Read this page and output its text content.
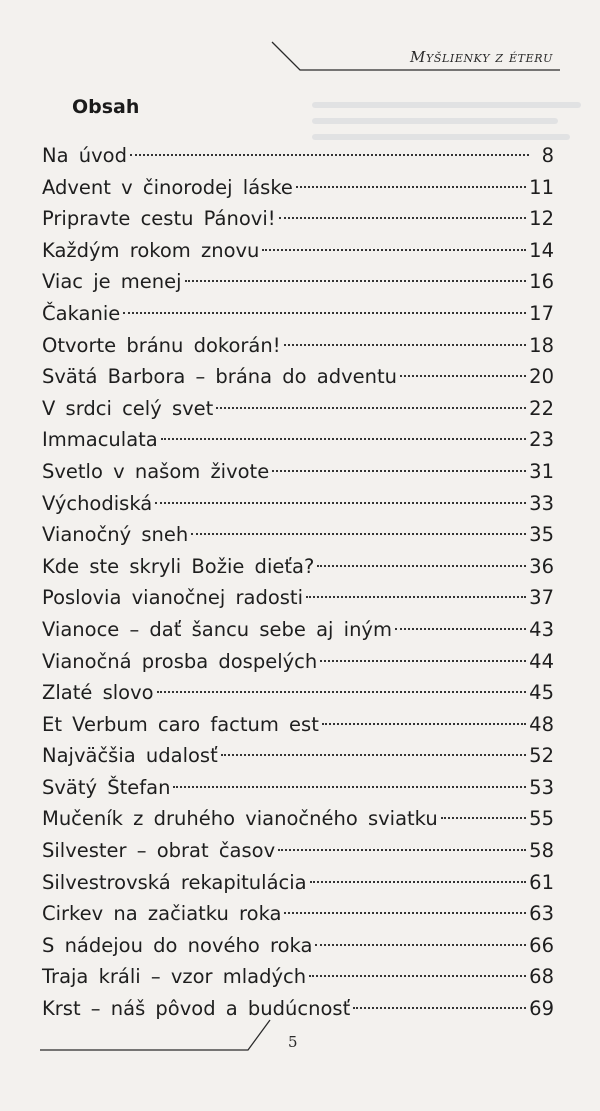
Myšlienky z éteru
Obsah
Na úvod	8
Advent v činorodej láske	11
Pripravte cestu Pánovi!	12
Každým rokom znovu	14
Viac je menej	16
Čakanie	17
Otvorte bránu dokorán!	18
Svätá Barbora – brána do adventu	20
V srdci celý svet	22
Immaculata	23
Svetlo v našom živote	31
Východiská	33
Vianočný sneh	35
Kde ste skryli Božie dieťa?	36
Poslovia vianočnej radosti	37
Vianoce – dať šancu sebe aj iným	43
Vianočná prosba dospelých	44
Zlaté slovo	45
Et Verbum caro factum est	48
Najväčšia udalosť	52
Svätý Štefan	53
Mučeník z druhého vianočného sviatku	55
Silvester – obrat časov	58
Silvestrovská rekapitulácia	61
Cirkev na začiatku roka	63
S nádejou do nového roka	66
Traja králi – vzor mladých	68
Krst – náš pôvod a budúcnosť	69
5
